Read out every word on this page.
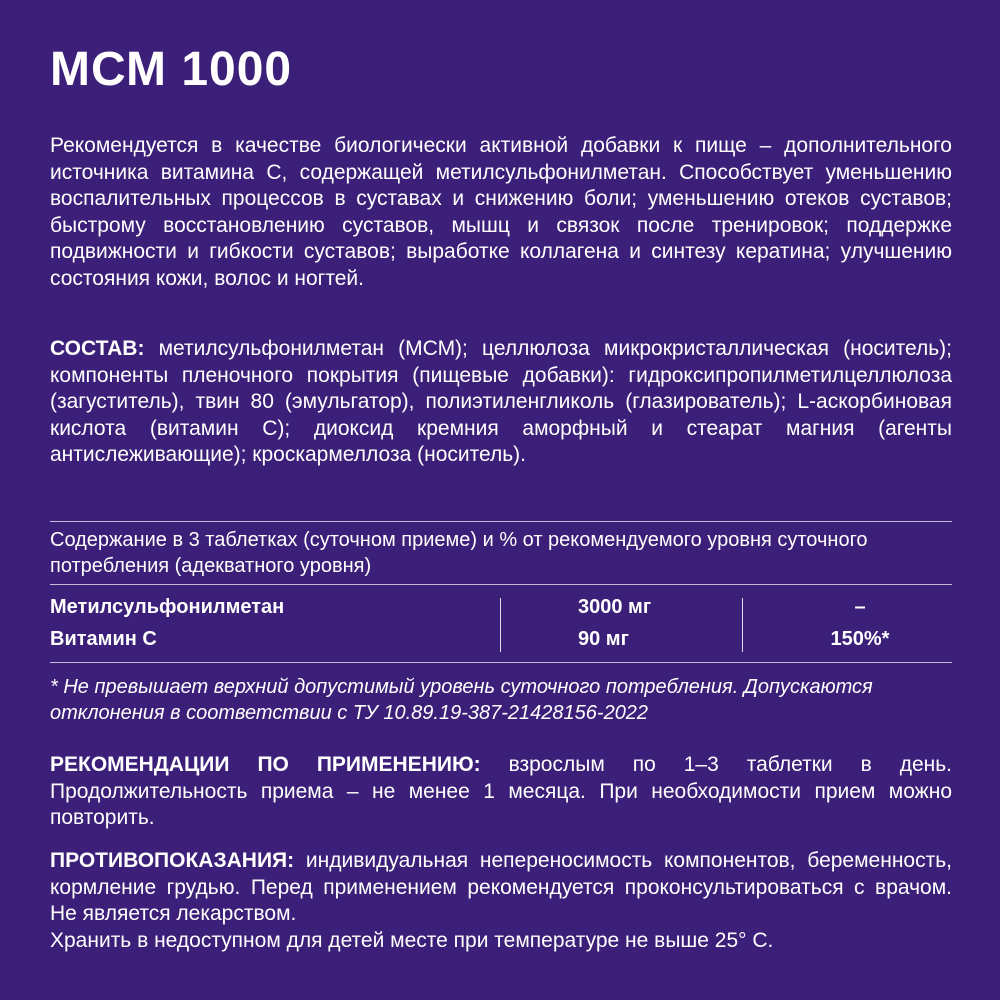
МСМ 1000

Рекомендуется в качестве биологически активной добавки к пище – дополнительного источника витамина С, содержащей метилсульфонилметан. Способствует уменьшению воспалительных процессов в суставах и снижению боли; уменьшению отеков суставов; быстрому восстановлению суставов, мышц и связок после тренировок; поддержке подвижности и гибкости суставов; выработке коллагена и синтезу кератина; улучшению состояния кожи, волос и ногтей.

СОСТАВ: метилсульфонилметан (МСМ); целлюлоза микрокристаллическая (носитель); компоненты пленочного покрытия (пищевые добавки): гидроксипропилметилцеллюлоза (загуститель), твин 80 (эмульгатор), полиэтиленгликоль (глазирователь); L-аскорбиновая кислота (витамин С); диоксид кремния аморфный и стеарат магния (агенты антислеживающие); кроскармеллоза (носитель).

Содержание в 3 таблетках (суточном приеме) и % от рекомендуемого уровня суточного потребления (адекватного уровня)

Метилсульфонилметан	3000 мг	–
Витамин С	90 мг	150%*

* Не превышает верхний допустимый уровень суточного потребления. Допускаются отклонения в соответствии с ТУ 10.89.19-387-21428156-2022

РЕКОМЕНДАЦИИ ПО ПРИМЕНЕНИЮ: взрослым по 1–3 таблетки в день. Продолжительность приема – не менее 1 месяца. При необходимости прием можно повторить.

ПРОТИВОПОКАЗАНИЯ: индивидуальная непереносимость компонентов, беременность, кормление грудью. Перед применением рекомендуется проконсультироваться с врачом. Не является лекарством.

Хранить в недоступном для детей месте при температуре не выше 25° С.
